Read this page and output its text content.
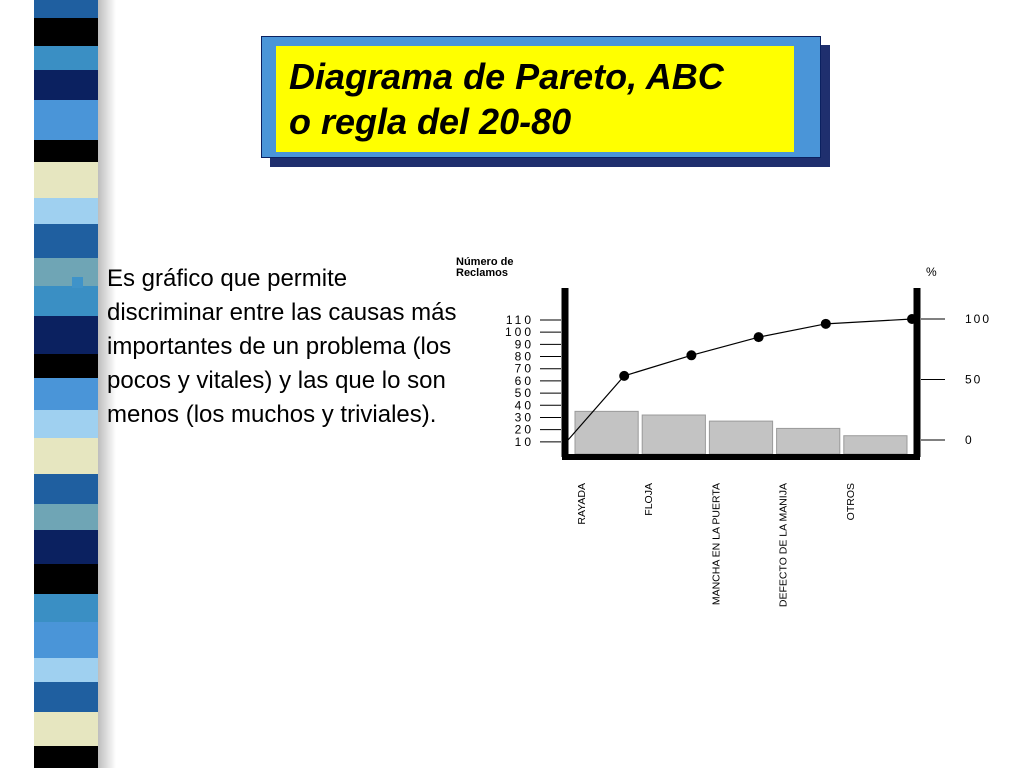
Diagrama de Pareto, ABC
o regla del 20-80
Es gráfico que permite discriminar entre las causas más importantes de un problema (los pocos y vitales) y las que lo son menos (los muchos y triviales).
Número de
Reclamos	%
10
20
30
40
50
60
70
80
90
100
110
0
50
100
RAYADA	FLOJA	MANCHA EN LA PUERTA	DEFECTO DE LA MANIJA	OTROS
